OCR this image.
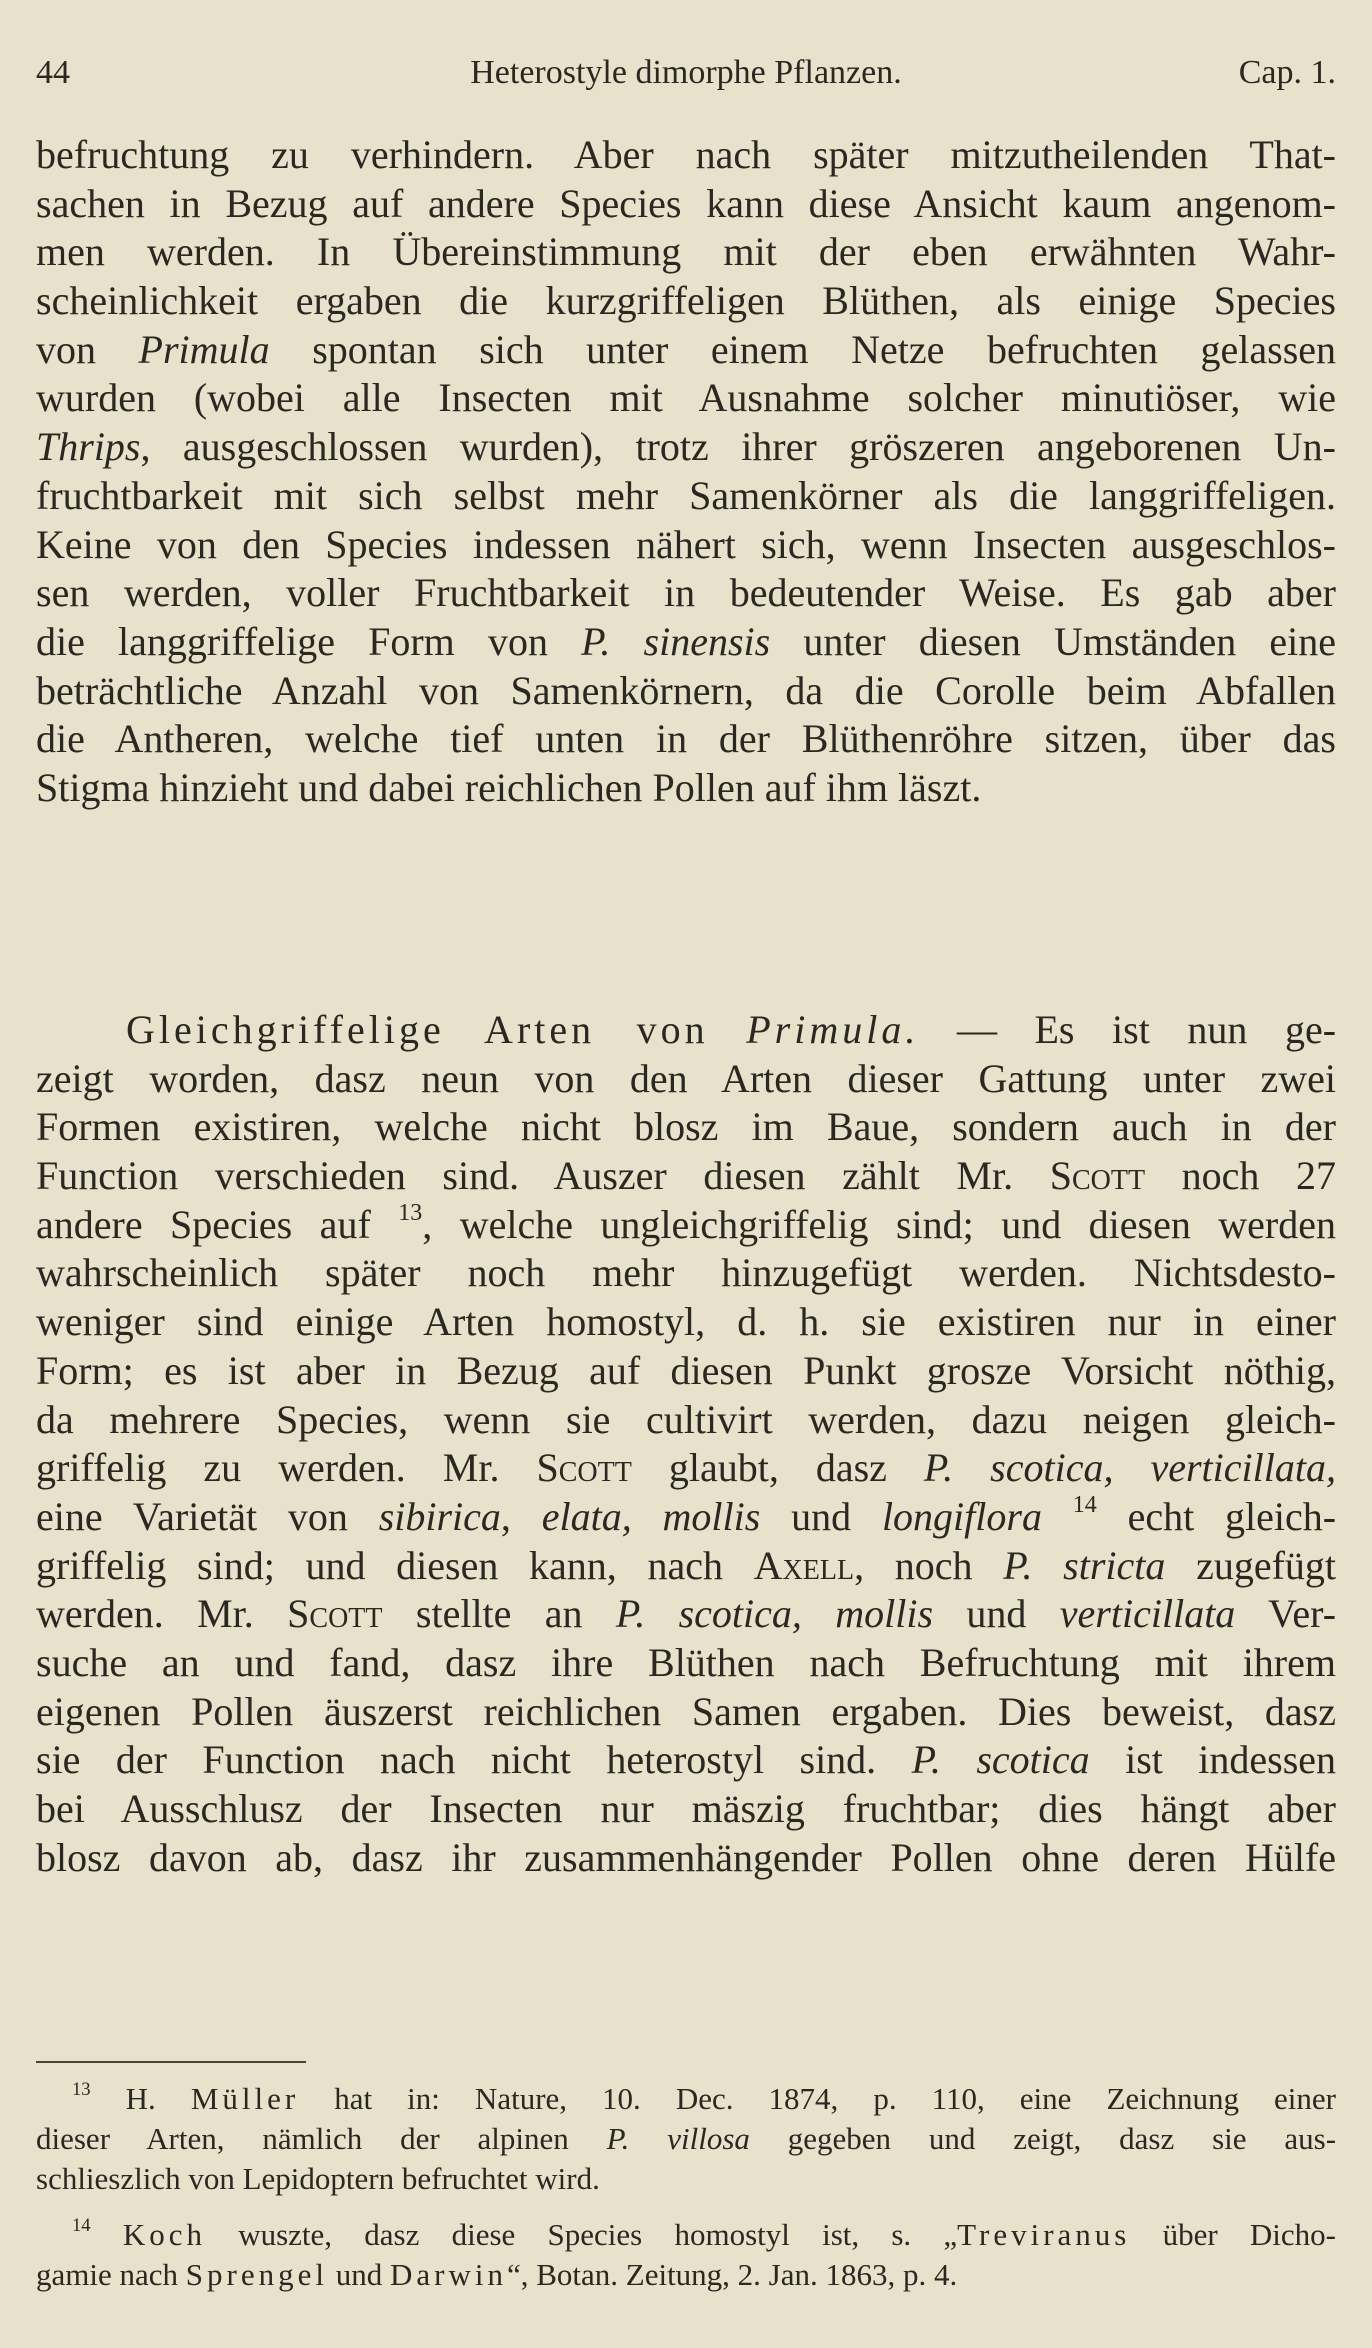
44	Heterostyle dimorphe Pflanzen.	Cap. 1.
befruchtung zu verhindern. Aber nach später mitzutheilenden That-
sachen in Bezug auf andere Species kann diese Ansicht kaum angenom-
men werden. In Übereinstimmung mit der eben erwähnten Wahr-
scheinlichkeit ergaben die kurzgriffeligen Blüthen, als einige Species
von Primula spontan sich unter einem Netze befruchten gelassen
wurden (wobei alle Insecten mit Ausnahme solcher minutiöser, wie
Thrips, ausgeschlossen wurden), trotz ihrer gröszeren angeborenen Un-
fruchtbarkeit mit sich selbst mehr Samenkörner als die langgriffeligen.
Keine von den Species indessen nähert sich, wenn Insecten ausgeschlos-
sen werden, voller Fruchtbarkeit in bedeutender Weise. Es gab aber
die langgriffelige Form von P. sinensis unter diesen Umständen eine
beträchtliche Anzahl von Samenkörnern, da die Corolle beim Abfallen
die Antheren, welche tief unten in der Blüthenröhre sitzen, über das
Stigma hinzieht und dabei reichlichen Pollen auf ihm läszt.
Gleichgriffelige Arten von Primula. — Es ist nun ge-
zeigt worden, dasz neun von den Arten dieser Gattung unter zwei
Formen existiren, welche nicht blosz im Baue, sondern auch in der
Function verschieden sind. Auszer diesen zählt Mr. Scott noch 27
andere Species auf $^{13}$, welche ungleichgriffelig sind; und diesen werden
wahrscheinlich später noch mehr hinzugefügt werden. Nichtsdesto-
weniger sind einige Arten homostyl, d. h. sie existiren nur in einer
Form; es ist aber in Bezug auf diesen Punkt grosze Vorsicht nöthig,
da mehrere Species, wenn sie cultivirt werden, dazu neigen gleich-
griffelig zu werden. Mr. Scott glaubt, dasz P. scotica, verticillata,
eine Varietät von sibirica, elata, mollis und longiflora $^{14}$ echt gleich-
griffelig sind; und diesen kann, nach Axell, noch P. stricta zugefügt
werden. Mr. Scott stellte an P. scotica, mollis und verticillata Ver-
suche an und fand, dasz ihre Blüthen nach Befruchtung mit ihrem
eigenen Pollen äuszerst reichlichen Samen ergaben. Dies beweist, dasz
sie der Function nach nicht heterostyl sind. P. scotica ist indessen
bei Ausschlusz der Insecten nur mäszig fruchtbar; dies hängt aber
blosz davon ab, dasz ihr zusammenhängender Pollen ohne deren Hülfe
$^{13}$ H. Müller hat in: Nature, 10. Dec. 1874, p. 110, eine Zeichnung einer
dieser Arten, nämlich der alpinen P. villosa gegeben und zeigt, dasz sie aus-
schlieszlich von Lepidoptern befruchtet wird.
$^{14}$ Koch wuszte, dasz diese Species homostyl ist, s. „Treviranus über Dicho-
gamie nach Sprengel und Darwin“, Botan. Zeitung, 2. Jan. 1863, p. 4.
